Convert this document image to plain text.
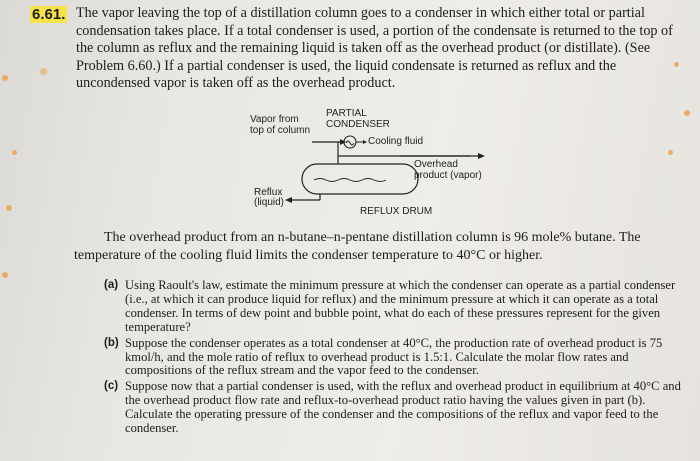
6.61. The vapor leaving the top of a distillation column goes to a condenser in which either total or partial condensation takes place. If a total condenser is used, a portion of the condensate is returned to the top of the column as reflux and the remaining liquid is taken off as the overhead product (or distillate). (See Problem 6.60.) If a partial condenser is used, the liquid condensate is returned as reflux and the uncondensed vapor is taken off as the overhead product.

Vapor from
top of column
PARTIAL
CONDENSER
Cooling fluid
Overhead
product (vapor)
Reflux
(liquid)
REFLUX DRUM

The overhead product from an n-butane–n-pentane distillation column is 96 mole% butane. The temperature of the cooling fluid limits the condenser temperature to 40°C or higher.

(a) Using Raoult's law, estimate the minimum pressure at which the condenser can operate as a partial condenser (i.e., at which it can produce liquid for reflux) and the minimum pressure at which it can operate as a total condenser. In terms of dew point and bubble point, what do each of these pressures represent for the given temperature?
(b) Suppose the condenser operates as a total condenser at 40°C, the production rate of overhead product is 75 kmol/h, and the mole ratio of reflux to overhead product is 1.5:1. Calculate the molar flow rates and compositions of the reflux stream and the vapor feed to the condenser.
(c) Suppose now that a partial condenser is used, with the reflux and overhead product in equilibrium at 40°C and the overhead product flow rate and reflux-to-overhead product ratio having the values given in part (b). Calculate the operating pressure of the condenser and the compositions of the reflux and vapor feed to the condenser.
